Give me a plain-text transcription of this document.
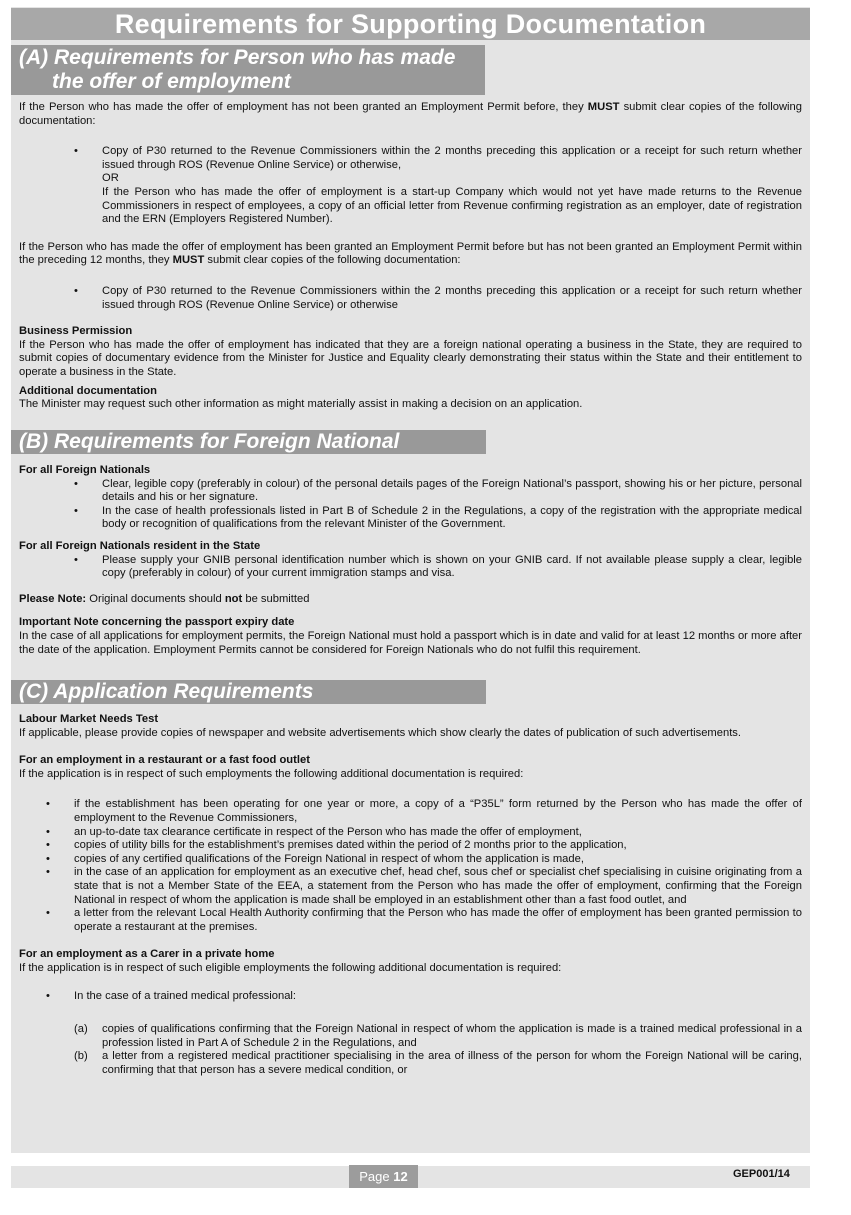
Requirements for Supporting Documentation
(A) Requirements for Person who has made
the offer of employment

If the Person who has made the offer of employment has not been granted an Employment Permit before, they MUST submit clear copies of the following documentation:

• Copy of P30 returned to the Revenue Commissioners within the 2 months preceding this application or a receipt for such return whether issued through ROS (Revenue Online Service) or otherwise,

OR

If the Person who has made the offer of employment is a start-up Company which would not yet have made returns to the Revenue Commissioners in respect of employees, a copy of an official letter from Revenue confirming registration as an employer, date of registration and the ERN (Employers Registered Number).

If the Person who has made the offer of employment has been granted an Employment Permit before but has not been granted an Employment Permit within the preceding 12 months, they MUST submit clear copies of the following documentation:

• Copy of P30 returned to the Revenue Commissioners within the 2 months preceding this application or a receipt for such return whether issued through ROS (Revenue Online Service) or otherwise

Business Permission

If the Person who has made the offer of employment has indicated that they are a foreign national operating a business in the State, they are required to submit copies of documentary evidence from the Minister for Justice and Equality clearly demonstrating their status within the State and their entitlement to operate a business in the State.

Additional documentation

The Minister may request such other information as might materially assist in making a decision on an application.

(B) Requirements for Foreign National

For all Foreign Nationals

• Clear, legible copy (preferably in colour) of the personal details pages of the Foreign National’s passport, showing his or her picture, personal details and his or her signature.

• In the case of health professionals listed in Part B of Schedule 2 in the Regulations, a copy of the registration with the appropriate medical body or recognition of qualifications from the relevant Minister of the Government.

For all Foreign Nationals resident in the State

• Please supply your GNIB personal identification number which is shown on your GNIB card. If not available please supply a clear, legible copy (preferably in colour) of your current immigration stamps and visa.

Please Note: Original documents should not be submitted

Important Note concerning the passport expiry date

In the case of all applications for employment permits, the Foreign National must hold a passport which is in date and valid for at least 12 months or more after the date of the application. Employment Permits cannot be considered for Foreign Nationals who do not fulfil this requirement.

(C) Application Requirements

Labour Market Needs Test

If applicable, please provide copies of newspaper and website advertisements which show clearly the dates of publication of such advertisements.

For an employment in a restaurant or a fast food outlet

If the application is in respect of such employments the following additional documentation is required:

• if the establishment has been operating for one year or more, a copy of a “P35L” form returned by the Person who has made the offer of employment to the Revenue Commissioners,

• an up-to-date tax clearance certificate in respect of the Person who has made the offer of employment,

• copies of utility bills for the establishment’s premises dated within the period of 2 months prior to the application,

• copies of any certified qualifications of the Foreign National in respect of whom the application is made,

• in the case of an application for employment as an executive chef, head chef, sous chef or specialist chef specialising in cuisine originating from a state that is not a Member State of the EEA, a statement from the Person who has made the offer of employment, confirming that the Foreign National in respect of whom the application is made shall be employed in an establishment other than a fast food outlet, and

• a letter from the relevant Local Health Authority confirming that the Person who has made the offer of employment has been granted permission to operate a restaurant at the premises.

For an employment as a Carer in a private home

If the application is in respect of such eligible employments the following additional documentation is required:

• In the case of a trained medical professional:

(a) copies of qualifications confirming that the Foreign National in respect of whom the application is made is a trained medical professional in a profession listed in Part A of Schedule 2 in the Regulations, and

(b) a letter from a registered medical practitioner specialising in the area of illness of the person for whom the Foreign National will be caring, confirming that that person has a severe medical condition, or

Page 12	GEP001/14
